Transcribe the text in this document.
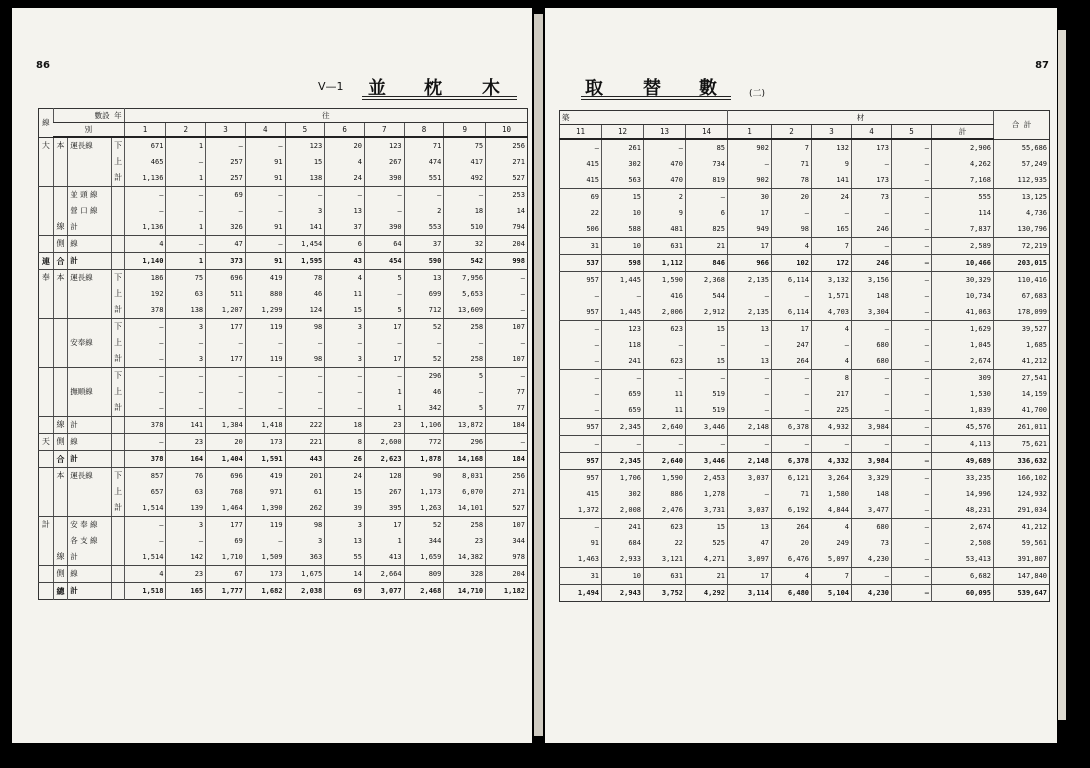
86
V—1 並 枕 木
線	數設 年			往									
	別			1	2	3	4	5	6	7	8	9	10
大	本	運長線	下	671	1	—	—	123	20	123	71	75	256
			上	465	—	257	91	15	4	267	474	417	271
			計	1,136	1	257	91	138	24	390	551	492	527
		並 頭 線		—	—	69	—	—	—	—	—	—	253
		營 口 線		—	—	—	—	3	13	—	2	18	14
	線	計		1,136	1	326	91	141	37	390	553	510	794
	側	線		4	—	47	—	1,454	6	64	37	32	204
連	合	計		1,140	1	373	91	1,595	43	454	590	542	998
奉	本	運長線	下	186	75	696	419	78	4	5	13	7,956	—
			上	192	63	511	880	46	11	—	699	5,653	—
			計	378	138	1,207	1,299	124	15	5	712	13,609	—
			下	—	3	177	119	98	3	17	52	258	107
		安奉線	上	—	—	—	—	—	—	—	—	—	—
			計	—	3	177	119	98	3	17	52	258	107
			下	—	—	—	—	—	—	—	296	5	—
		撫順線	上	—	—	—	—	—	—	1	46	—	77
			計	—	—	—	—	—	—	1	342	5	77
	線	計		378	141	1,384	1,418	222	18	23	1,106	13,872	184
天	側	線		—	23	20	173	221	8	2,600	772	296	—
	合	計		378	164	1,404	1,591	443	26	2,623	1,878	14,168	184
	本	運長線	下	857	76	696	419	201	24	128	90	8,031	256
			上	657	63	768	971	61	15	267	1,173	6,070	271
			計	1,514	139	1,464	1,390	262	39	395	1,263	14,101	527
計		安 奉 線		—	3	177	119	98	3	17	52	258	107
		各 支 線		—	—	69	—	3	13	1	344	23	344
	線	計		1,514	142	1,710	1,509	363	55	413	1,659	14,382	978
	側	線		4	23	67	173	1,675	14	2,664	809	328	204
	總	計		1,518	165	1,777	1,682	2,038	69	3,077	2,468	14,710	1,182
87
取 替 數	(二)
築				材						合 計
11	12	13	14	1	2	3	4	5	計	
—	261	—	85	902	7	132	173	—	2,906	55,686
415	302	470	734	—	71	9	—	—	4,262	57,249
415	563	470	819	902	78	141	173	—	7,168	112,935
69	15	2	—	30	20	24	73	—	555	13,125
22	10	9	6	17	—	—	—	—	114	4,736
506	588	481	825	949	98	165	246	—	7,837	130,796
31	10	631	21	17	4	7	—	—	2,589	72,219
537	598	1,112	846	966	102	172	246	—	10,466	203,015
957	1,445	1,590	2,368	2,135	6,114	3,132	3,156	—	30,329	110,416
—	—	416	544	—	—	1,571	148	—	10,734	67,683
957	1,445	2,006	2,912	2,135	6,114	4,703	3,304	—	41,063	178,099
—	123	623	15	13	17	4	—	—	1,629	39,527
—	118	—	—	—	247	—	680	—	1,045	1,685
—	241	623	15	13	264	4	680	—	2,674	41,212
—	—	—	—	—	—	8	—	—	309	27,541
—	659	11	519	—	—	217	—	—	1,530	14,159
—	659	11	519	—	—	225	—	—	1,839	41,700
957	2,345	2,640	3,446	2,148	6,378	4,932	3,984	—	45,576	261,011
—	—	—	—	—	—	—	—	—	4,113	75,621
957	2,345	2,640	3,446	2,148	6,378	4,332	3,984	—	49,689	336,632
957	1,706	1,590	2,453	3,037	6,121	3,264	3,329	—	33,235	166,102
415	302	886	1,278	—	71	1,580	148	—	14,996	124,932
1,372	2,008	2,476	3,731	3,037	6,192	4,844	3,477	—	48,231	291,034
—	241	623	15	13	264	4	680	—	2,674	41,212
91	684	22	525	47	20	249	73	—	2,508	59,561
1,463	2,933	3,121	4,271	3,097	6,476	5,097	4,230	—	53,413	391,807
31	10	631	21	17	4	7	—	—	6,682	147,840
1,494	2,943	3,752	4,292	3,114	6,480	5,104	4,230	—	60,095	539,647
